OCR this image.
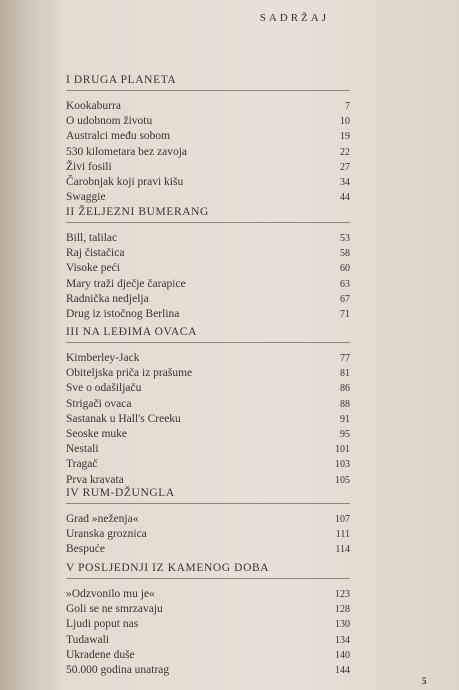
SADRŽAJ
I DRUGA PLANETA
Kookaburra	7
O udobnom životu	10
Australci među sobom	19
530 kilometara bez zavoja	22
Živi fosili	27
Čarobnjak koji pravi kišu	34
Swaggie	44
II ŽELJEZNI BUMERANG
Bill, talilac	53
Raj čistačica	58
Visoke peći	60
Mary traži dječje čarapice	63
Radnička nedjelja	67
Drug iz istočnog Berlina	71
III NA LEĐIMA OVACA
Kimberley-Jack	77
Obiteljska priča iz prašume	81
Sve o odašiljaču	86
Strigači ovaca	88
Sastanak u Hall's Creeku	91
Seoske muke	95
Nestali	101
Tragač	103
Prva kravata	105
IV RUM-DŽUNGLA
Grad »neženja«	107
Uranska groznica	111
Bespuće	114
V POSLJEDNJI IZ KAMENOG DOBA
»Odzvonilo mu je«	123
Goli se ne smrzavaju	128
Ljudi poput nas	130
Tudawali	134
Ukradene duše	140
50.000 godina unatrag	144
5
